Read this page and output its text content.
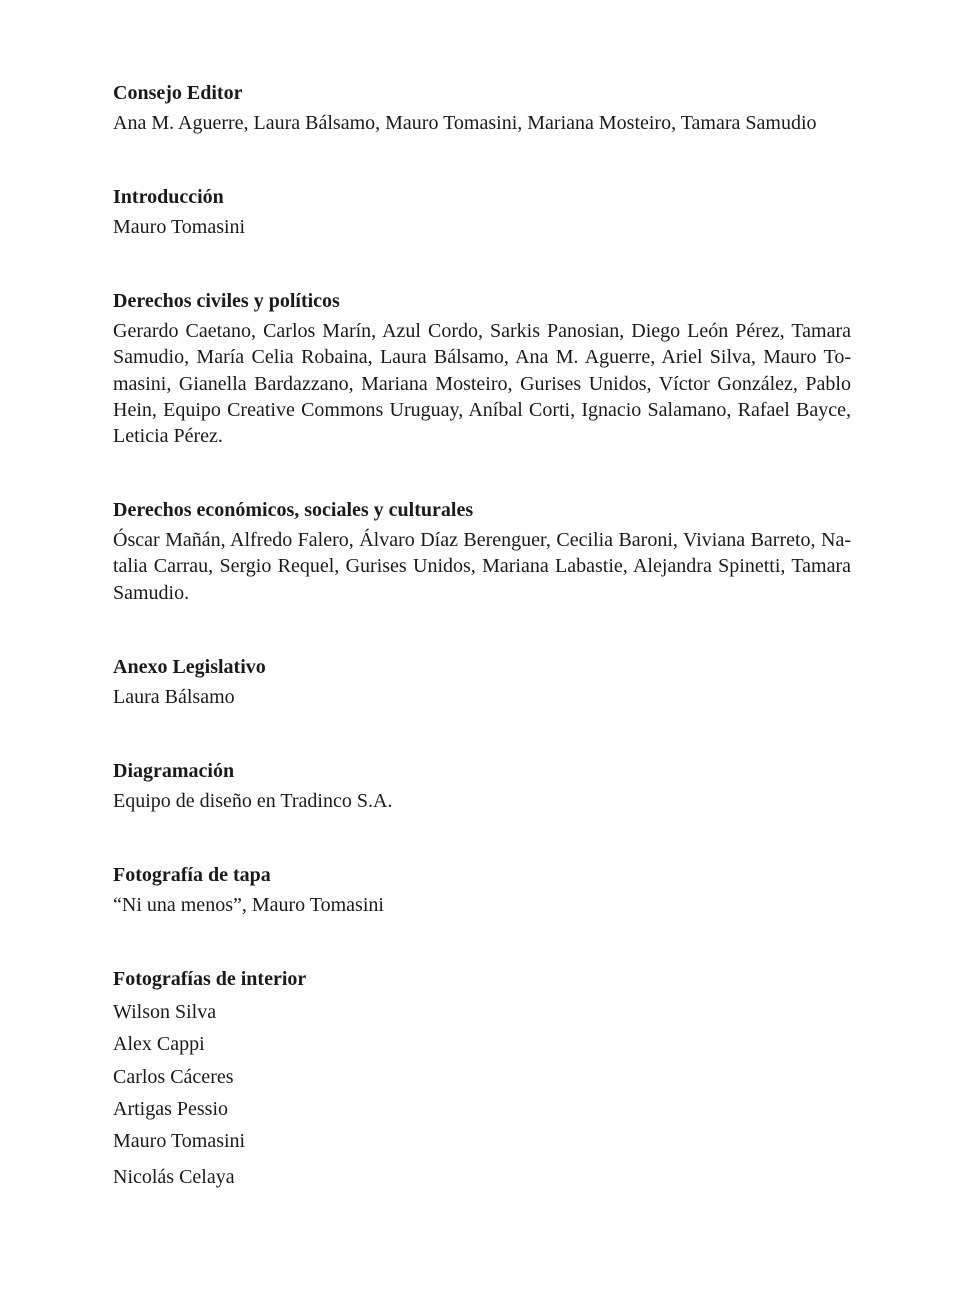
Consejo Editor

Ana M. Aguerre, Laura Bálsamo, Mauro Tomasini, Mariana Mosteiro, Tamara Samudio

Introducción

Mauro Tomasini

Derechos civiles y políticos

Gerardo Caetano, Carlos Marín, Azul Cordo, Sarkis Panosian, Diego León Pérez, Tamara Samudio, María Celia Robaina, Laura Bálsamo, Ana M. Aguerre, Ariel Silva, Mauro Tomasini, Gianella Bardazzano, Mariana Mosteiro, Gurises Unidos, Víctor González, Pablo Hein, Equipo Creative Commons Uruguay, Aníbal Corti, Ignacio Salamano, Rafael Bayce, Leticia Pérez.

Derechos económicos, sociales y culturales

Óscar Mañán, Alfredo Falero, Álvaro Díaz Berenguer, Cecilia Baroni, Viviana Barreto, Natalia Carrau, Sergio Requel, Gurises Unidos, Mariana Labastie, Alejandra Spinetti, Tamara Samudio.

Anexo Legislativo

Laura Bálsamo

Diagramación

Equipo de diseño en Tradinco S.A.

Fotografía de tapa

“Ni una menos”, Mauro Tomasini

Fotografías de interior
Wilson Silva
Alex Cappi
Carlos Cáceres
Artigas Pessio
Mauro Tomasini
Nicolás Celaya
